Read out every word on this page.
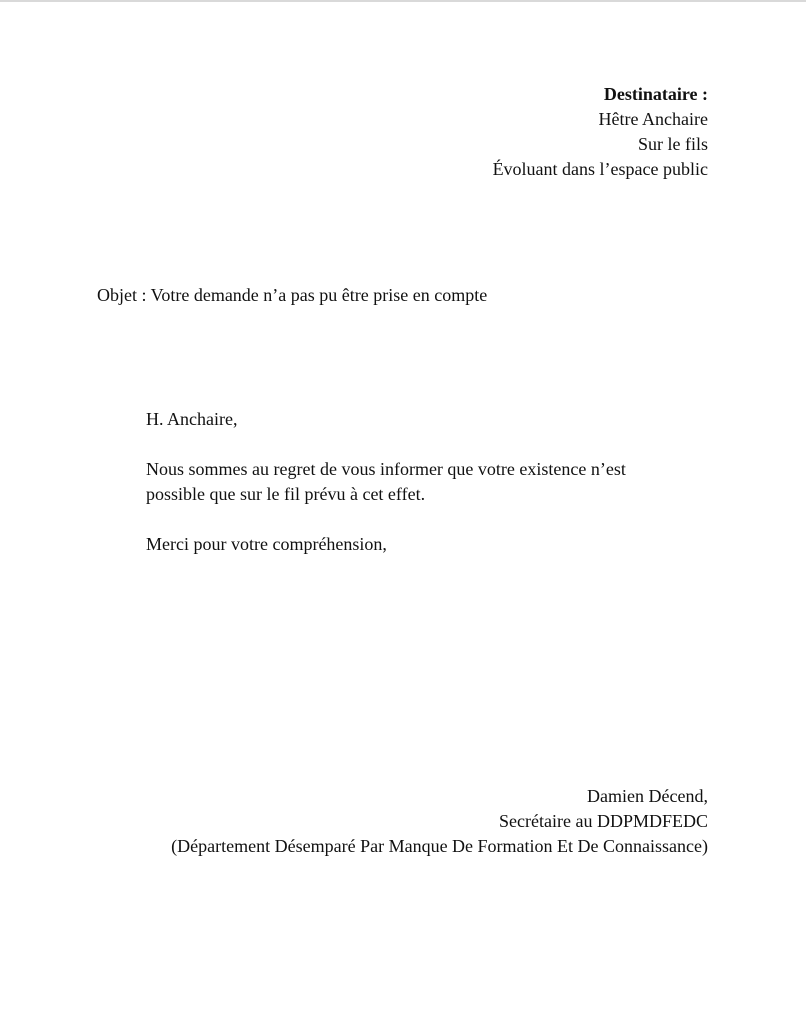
Destinataire :
Hêtre Anchaire
Sur le fils
Évoluant dans l’espace public
Objet : Votre demande n’a pas pu être prise en compte

H. Anchaire,

Nous sommes au regret de vous informer que votre existence n’est
possible que sur le fil prévu à cet effet.

Merci pour votre compréhension,

Damien Décend,
Secrétaire au DDPMDFEDC
(Département Désemparé Par Manque De Formation Et De Connaissance)
